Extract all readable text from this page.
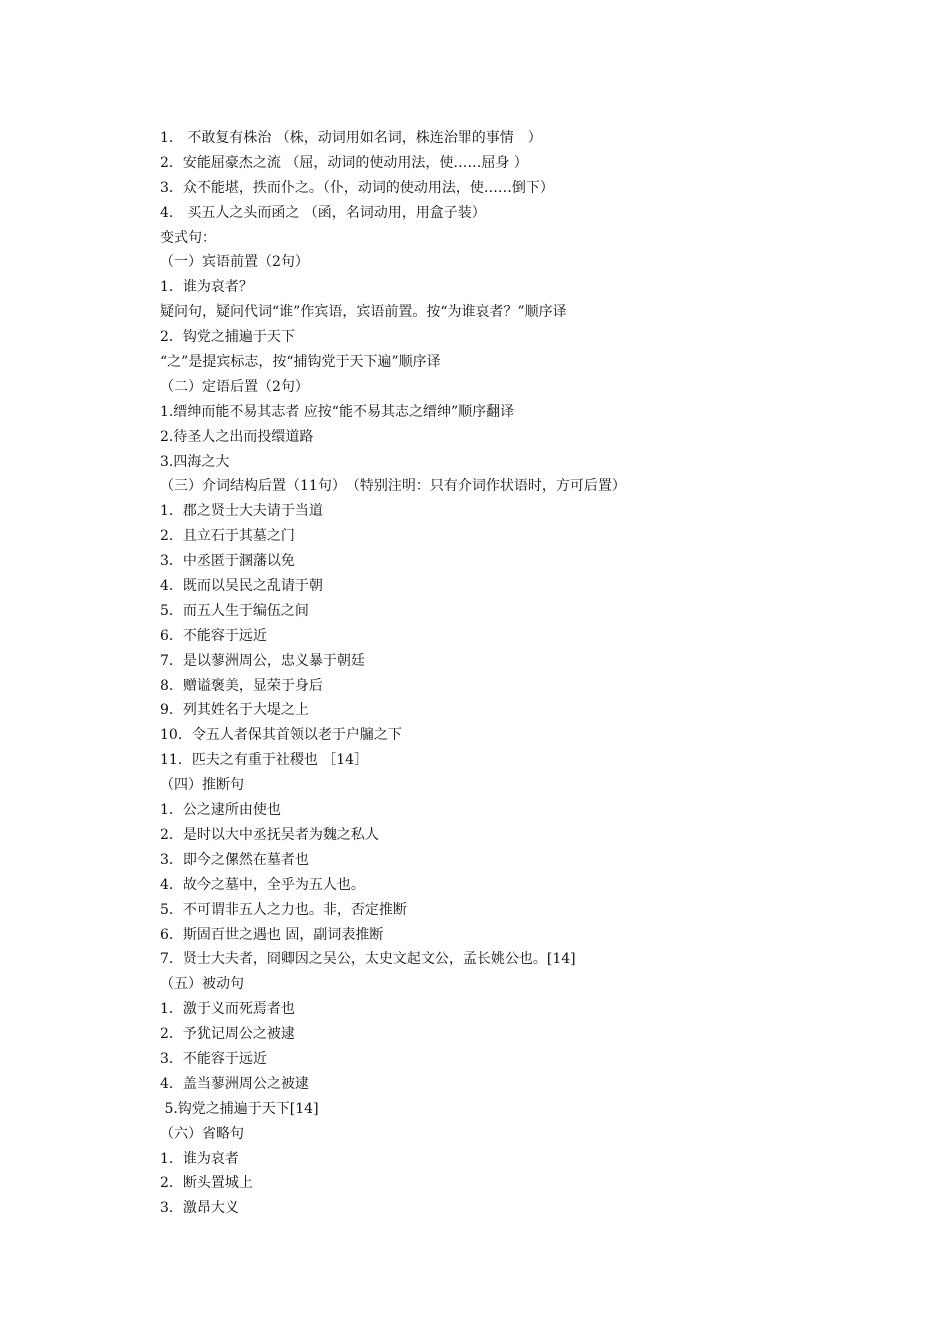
1.　不敢复有株治 （株，动词用如名词，株连治罪的事情　）
2．安能屈豪杰之流 （屈，动词的使动用法，使……屈身 ）
3．众不能堪，抶而仆之。（仆，动词的使动用法，使……倒下）
4.　买五人之头而函之 （函，名词动用，用盒子装）
变式句：
（一）宾语前置（2句）
1．谁为哀者？
疑问句，疑问代词“谁”作宾语，宾语前置。按“为谁哀者？”顺序译
2．钩党之捕遍于天下
“之”是提宾标志，按“捕钩党于天下遍”顺序译
（二）定语后置（2句）
1.缙绅而能不易其志者 应按“能不易其志之缙绅”顺序翻译
2.待圣人之出而投缳道路
3.四海之大
（三）介词结构后置（11句）　（特别注明：只有介词作状语时，方可后置）
1．郡之贤士大夫请于当道
2．且立石于其墓之门
3．中丞匿于溷藩以免
4．既而以吴民之乱请于朝
5．而五人生于编伍之间
6．不能容于远近
7．是以蓼洲周公，忠义暴于朝廷
8．赠谥褒美，显荣于身后
9．列其姓名于大堤之上
10．令五人者保其首领以老于户牖之下
11．匹夫之有重于社稷也 ［14］
（四）推断句
1．公之逮所由使也
2．是时以大中丞抚吴者为魏之私人
3．即今之傫然在墓者也
4．故今之墓中，全乎为五人也。
5．不可谓非五人之力也。非，否定推断
6．斯固百世之遇也 固，副词表推断
7．贤士大夫者，冏卿因之吴公，太史文起文公，孟长姚公也。[14]
（五）被动句
1．激于义而死焉者也
2．予犹记周公之被逮
3．不能容于远近
4．盖当蓼洲周公之被逮
5.钩党之捕遍于天下[14]
（六）省略句
1．谁为哀者
2．断头置城上
3．激昂大义
